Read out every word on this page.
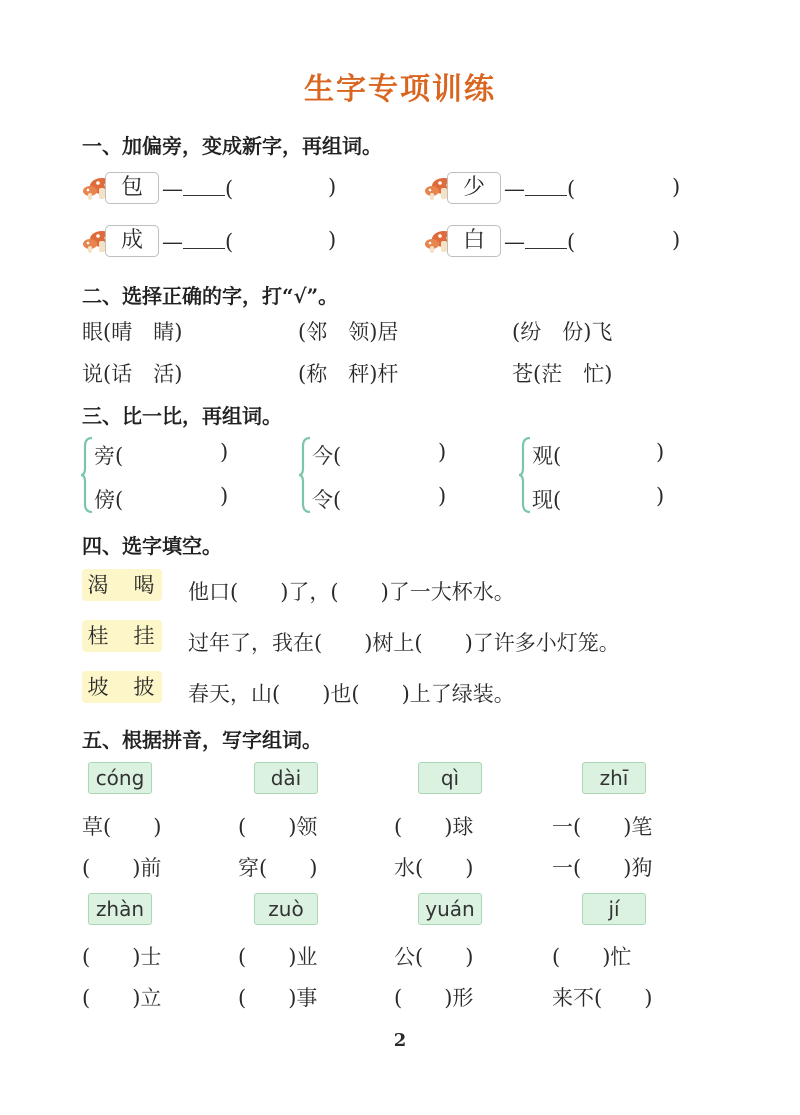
生字专项训练
一、加偏旁，变成新字，再组词。
包 — (	)	少 — (	)
成 — (	)	白 — (	)
二、选择正确的字，打“√”。
眼(晴　睛)	(邻　领)居	(纷　份)飞
说(话　活)	(称　秤)杆	苍(茫　忙)
三、比一比，再组词。
旁(	)
傍(	)
今(	)
令(	)
观(	)
现(	)
四、选字填空。
渴　喝 他口(　　)了，(　　)了一大杯水。
桂　挂 过年了，我在(　　)树上(　　)了许多小灯笼。
坡　披 春天，山(　　)也(　　)上了绿装。
五、根据拼音，写字组词。
cóng	dài	qì	zhī
草(　　)	(　　)领	(　　)球	一(　　)笔
(　　)前	穿(　　)	水(　　)	一(　　)狗
zhàn	zuò	yuán	jí
(　　)士	(　　)业	公(　　)	(　　)忙
(　　)立	(　　)事	(　　)形	来不(　　)
2
